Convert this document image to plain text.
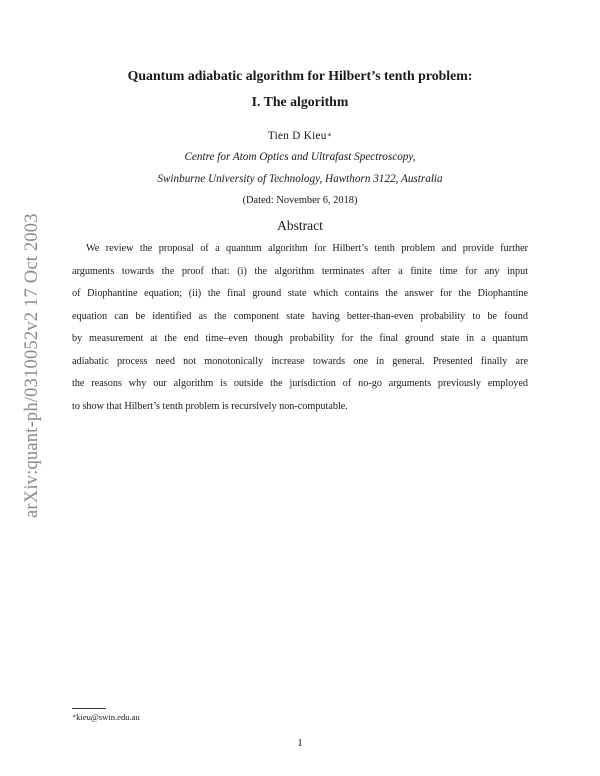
arXiv:quant-ph/0310052v2 17 Oct 2003
Quantum adiabatic algorithm for Hilbert’s tenth problem:
I. The algorithm
Tien D Kieu∗
Centre for Atom Optics and Ultrafast Spectroscopy,
Swinburne University of Technology, Hawthorn 3122, Australia
(Dated: November 6, 2018)
Abstract
We review the proposal of a quantum algorithm for Hilbert’s tenth problem and provide further
arguments towards the proof that: (i) the algorithm terminates after a finite time for any input
of Diophantine equation; (ii) the final ground state which contains the answer for the Diophantine
equation can be identified as the component state having better-than-even probability to be found
by measurement at the end time–even though probability for the final ground state in a quantum
adiabatic process need not monotonically increase towards one in general. Presented finally are
the reasons why our algorithm is outside the jurisdiction of no-go arguments previously employed
to show that Hilbert’s tenth problem is recursively non-computable.
∗kieu@swin.edu.au
1
